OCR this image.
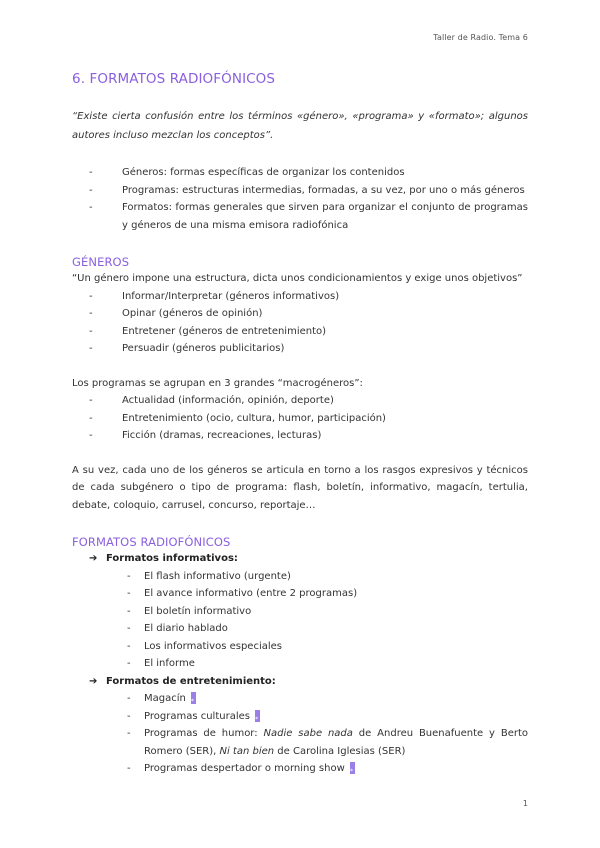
Taller de Radio. Tema 6
6. FORMATOS RADIOFÓNICOS

“Existe cierta confusión entre los términos «género», «programa» y «formato»; algunos autores incluso mezclan los conceptos”.

-	Géneros: formas específicas de organizar los contenidos
-	Programas: estructuras intermedias, formadas, a su vez, por uno o más géneros
-	Formatos: formas generales que sirven para organizar el conjunto de programas y géneros de una misma emisora radiofónica
GÉNEROS

“Un género impone una estructura, dicta unos condicionamientos y exige unos objetivos”

-	Informar/Interpretar (géneros informativos)
-	Opinar (géneros de opinión)
-	Entretener (géneros de entretenimiento)
-	Persuadir (géneros publicitarios)

Los programas se agrupan en 3 grandes “macrogéneros”:

-	Actualidad (información, opinión, deporte)
-	Entretenimiento (ocio, cultura, humor, participación)
-	Ficción (dramas, recreaciones, lecturas)

A su vez, cada uno de los géneros se articula en torno a los rasgos expresivos y técnicos de cada subgénero o tipo de programa: flash, boletín, informativo, magacín, tertulia, debate, coloquio, carrusel, concurso, reportaje…

FORMATOS RADIOFÓNICOS
➔ Formatos informativos:
- El flash informativo (urgente)
- El avance informativo (entre 2 programas)
- El boletín informativo
- El diario hablado
- Los informativos especiales
- El informe
➔ Formatos de entretenimiento:
- Magacín *
- Programas culturales *
- Programas de humor: Nadie sabe nada de Andreu Buenafuente y Berto Romero (SER), Ni tan bien de Carolina Iglesias (SER)
- Programas despertador o morning show *
1
